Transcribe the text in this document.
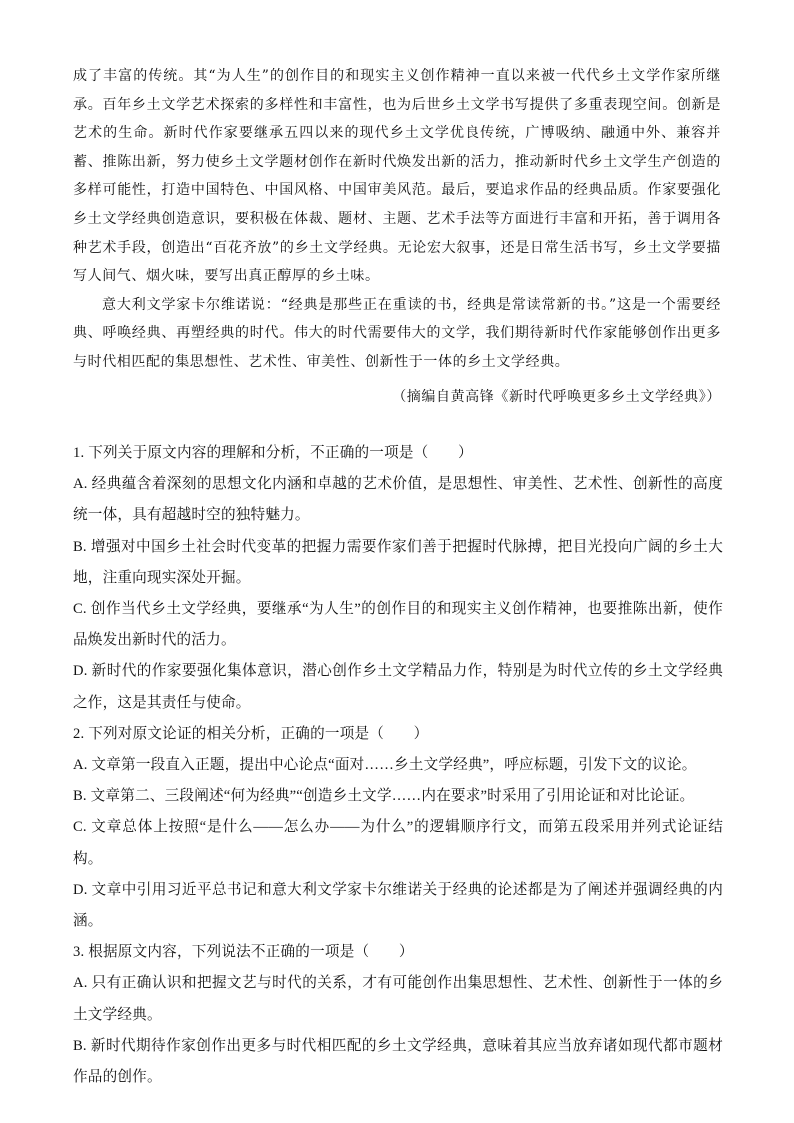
成了丰富的传统。其“为人生”的创作目的和现实主义创作精神一直以来被一代代乡土文学作家所继承。百年乡土文学艺术探索的多样性和丰富性，也为后世乡土文学书写提供了多重表现空间。创新是艺术的生命。新时代作家要继承五四以来的现代乡土文学优良传统，广博吸纳、融通中外、兼容并蓄、推陈出新，努力使乡土文学题材创作在新时代焕发出新的活力，推动新时代乡土文学生产创造的多样可能性，打造中国特色、中国风格、中国审美风范。最后，要追求作品的经典品质。作家要强化乡土文学经典创造意识，要积极在体裁、题材、主题、艺术手法等方面进行丰富和开拓，善于调用各种艺术手段，创造出“百花齐放”的乡土文学经典。无论宏大叙事，还是日常生活书写，乡土文学要描写人间气、烟火味，要写出真正醇厚的乡土味。

意大利文学家卡尔维诺说：“经典是那些正在重读的书，经典是常读常新的书。”这是一个需要经典、呼唤经典、再塑经典的时代。伟大的时代需要伟大的文学，我们期待新时代作家能够创作出更多与时代相匹配的集思想性、艺术性、审美性、创新性于一体的乡土文学经典。

（摘编自黄高锋《新时代呼唤更多乡土文学经典》）

1. 下列关于原文内容的理解和分析，不正确的一项是（　　）

A. 经典蕴含着深刻的思想文化内涵和卓越的艺术价值，是思想性、审美性、艺术性、创新性的高度统一体，具有超越时空的独特魅力。

B. 增强对中国乡土社会时代变革的把握力需要作家们善于把握时代脉搏，把目光投向广阔的乡土大地，注重向现实深处开掘。

C. 创作当代乡土文学经典，要继承“为人生”的创作目的和现实主义创作精神，也要推陈出新，使作品焕发出新时代的活力。

D. 新时代的作家要强化集体意识，潜心创作乡土文学精品力作，特别是为时代立传的乡土文学经典之作，这是其责任与使命。

2. 下列对原文论证的相关分析，正确的一项是（　　）

A. 文章第一段直入正题，提出中心论点“面对……乡土文学经典”，呼应标题，引发下文的议论。

B. 文章第二、三段阐述“何为经典”“创造乡土文学……内在要求”时采用了引用论证和对比论证。

C. 文章总体上按照“是什么——怎么办——为什么”的逻辑顺序行文，而第五段采用并列式论证结构。

D. 文章中引用习近平总书记和意大利文学家卡尔维诺关于经典的论述都是为了阐述并强调经典的内涵。

3. 根据原文内容，下列说法不正确的一项是（　　）

A. 只有正确认识和把握文艺与时代的关系，才有可能创作出集思想性、艺术性、创新性于一体的乡土文学经典。

B. 新时代期待作家创作出更多与时代相匹配的乡土文学经典，意味着其应当放弃诸如现代都市题材作品的创作。
